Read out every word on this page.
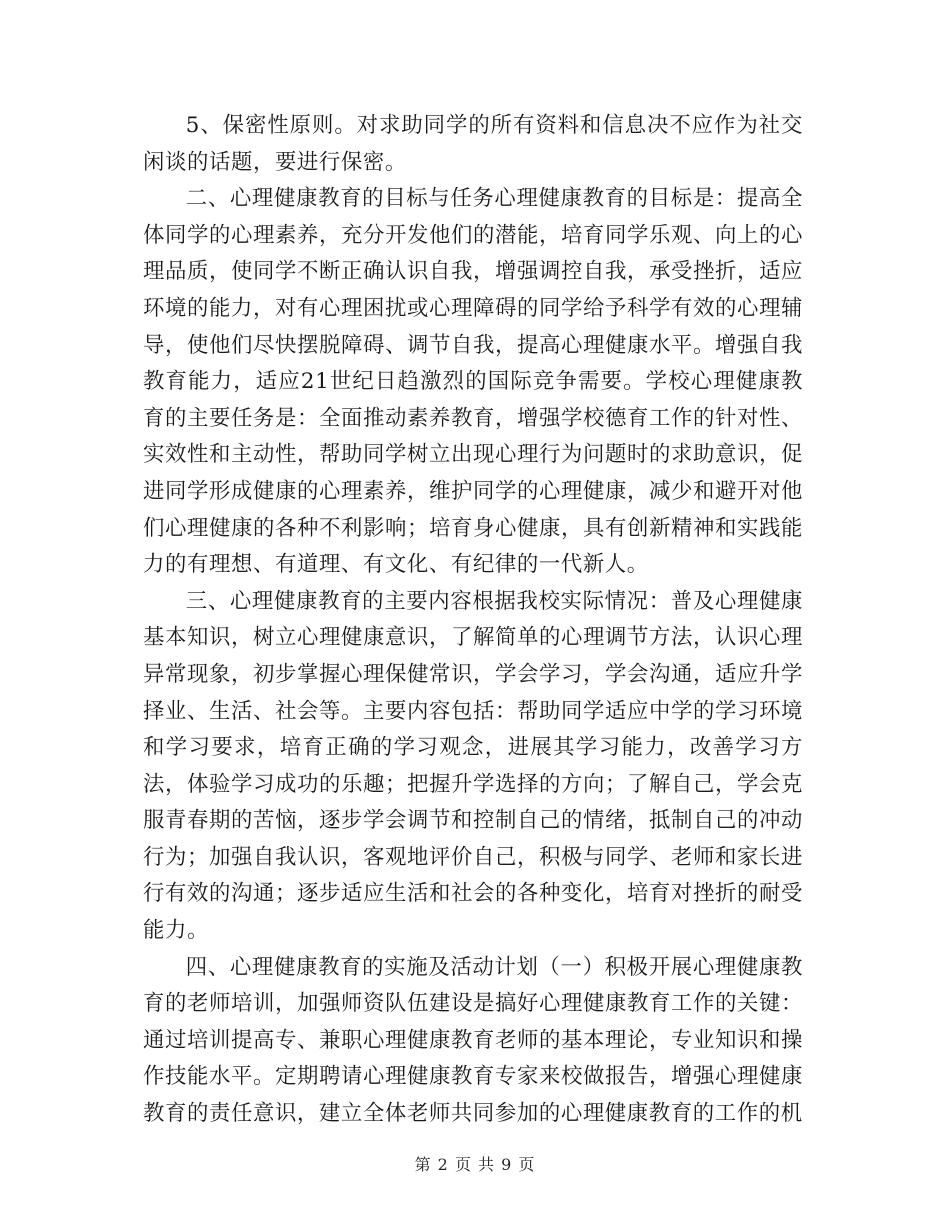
5、保密性原则。对求助同学的所有资料和信息决不应作为社交闲谈的话题，要进行保密。

二、心理健康教育的目标与任务心理健康教育的目标是：提高全体同学的心理素养，充分开发他们的潜能，培育同学乐观、向上的心理品质，使同学不断正确认识自我，增强调控自我，承受挫折，适应环境的能力，对有心理困扰或心理障碍的同学给予科学有效的心理辅导，使他们尽快摆脱障碍、调节自我，提高心理健康水平。增强自我教育能力，适应21世纪日趋激烈的国际竞争需要。学校心理健康教育的主要任务是：全面推动素养教育，增强学校德育工作的针对性、实效性和主动性，帮助同学树立出现心理行为问题时的求助意识，促进同学形成健康的心理素养，维护同学的心理健康，减少和避开对他们心理健康的各种不利影响；培育身心健康，具有创新精神和实践能力的有理想、有道理、有文化、有纪律的一代新人。

三、心理健康教育的主要内容根据我校实际情况：普及心理健康基本知识，树立心理健康意识，了解简单的心理调节方法，认识心理异常现象，初步掌握心理保健常识，学会学习，学会沟通，适应升学择业、生活、社会等。主要内容包括：帮助同学适应中学的学习环境和学习要求，培育正确的学习观念，进展其学习能力，改善学习方法，体验学习成功的乐趣；把握升学选择的方向；了解自己，学会克服青春期的苦恼，逐步学会调节和控制自己的情绪，抵制自己的冲动行为；加强自我认识，客观地评价自己，积极与同学、老师和家长进行有效的沟通；逐步适应生活和社会的各种变化，培育对挫折的耐受能力。

四、心理健康教育的实施及活动计划（一）积极开展心理健康教育的老师培训，加强师资队伍建设是搞好心理健康教育工作的关键：通过培训提高专、兼职心理健康教育老师的基本理论，专业知识和操作技能水平。定期聘请心理健康教育专家来校做报告，增强心理健康教育的责任意识，建立全体老师共同参加的心理健康教育的工作的机

第 2 页 共 9 页
